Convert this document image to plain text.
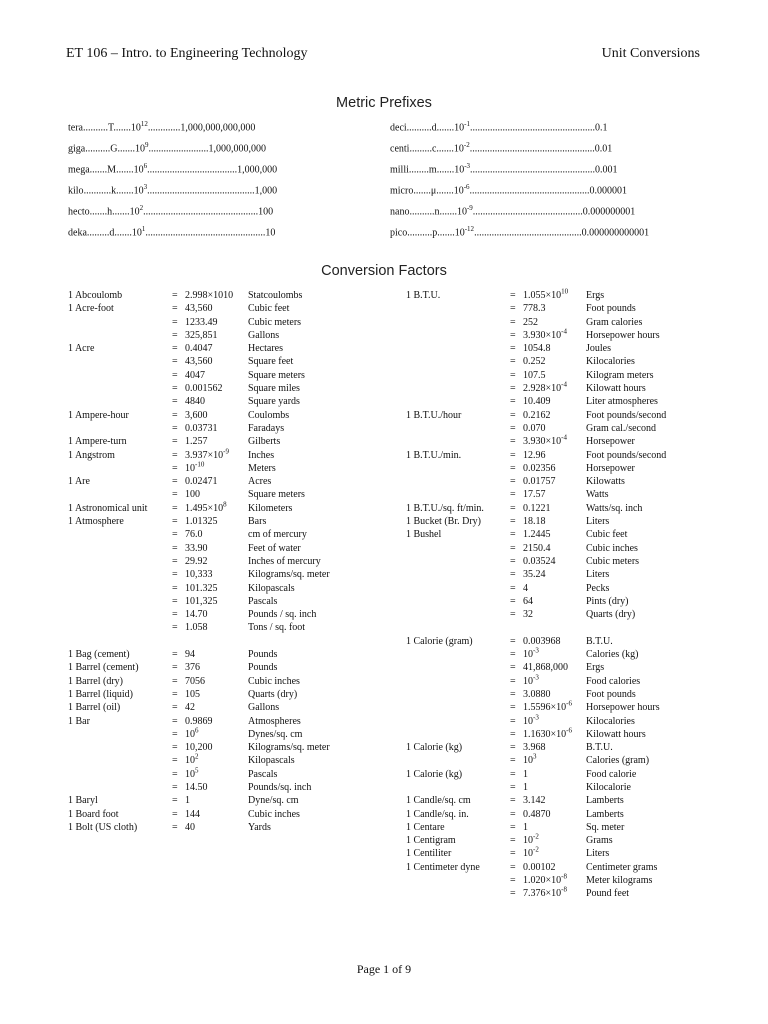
ET 106 – Intro. to Engineering Technology	Unit Conversions
Metric Prefixes
tera..........T.......10$^{12}$.............1,000,000,000,000
giga..........G.......10$^9$........................1,000,000,000
mega.......M.......10$^6$....................................1,000,000
kilo...........k.......10$^3$...........................................1,000
hecto.......h.......10$^2$..............................................100
deka.........d.......10$^1$................................................10
$deci..........d.......10^{-1}..................................................0.1$
$centi.........c.......10^{-2}..................................................0.01$
$milli........m.......10^{-3}..................................................0.001$
$micro.......\mu.......10^{-6}................................................0.000001$
$nano..........n.......10^{-9}............................................0.000000001$
$pico..........p.......10^{-12}...........................................0.000000000001$
Conversion Factors
1 Abcoulomb	= 2.998×1010 Statcoulombs
1 Acre-foot	= 43,560	Cubic feet
= 1233.49	Cubic meters
= 325,851	Gallons
1 Acre	= 0.4047	Hectares
= 43,560	Square feet
= 4047	Square meters
= 0.001562	Square miles
= 4840	Square yards
1 Ampere-hour	= 3,600	Coulombs
= 0.03731	Faradays
1 Ampere-turn	= 1.257	Gilberts
1 Angstrom	= $3.937\times 10^{-9}$ Inches
= $10^{-10}$	Meters
1 Are	= 0.02471	Acres
= 100	Square meters
1 Astronomical unit = $1.495\times 10^8$ Kilometers
1 Atmosphere	= 1.01325	Bars
= 76.0	cm of mercury
= 33.90	Feet of water
= 29.92	Inches of mercury
= 10,333	Kilograms/sq. meter
= 101.325	Kilopascals
= 101,325	Pascals
= 14.70	Pounds / sq. inch
= 1.058	Tons / sq. foot
1 Bag (cement)	= 94	Pounds
1 Barrel (cement)	= 376	Pounds
1 Barrel (dry)	= 7056	Cubic inches
1 Barrel (liquid)	= 105	Quarts (dry)
1 Barrel (oil)	= 42	Gallons
1 Bar	= 0.9869	Atmospheres
= $10^6$	Dynes/sq. cm
= 10,200	Kilograms/sq. meter
= $10^2$	Kilopascals
= $10^5$	Pascals
= 14.50	Pounds/sq. inch
1 Baryl	= 1	Dyne/sq. cm
1 Board foot	= 144	Cubic inches
1 Bolt (US cloth)	= 40	Yards
1 B.T.U.	= $1.055\times 10^{10}$ Ergs
= 778.3	Foot pounds
= 252	Gram calories
= $3.930\times 10^{-4}$ Horsepower hours
= 1054.8	Joules
= 0.252	Kilocalories
= 107.5	Kilogram meters
= $2.928\times 10^{-4}$ Kilowatt hours
= 10.409	Liter atmospheres
1 B.T.U./hour	= 0.2162	Foot pounds/second
= 0.070	Gram cal./second
= $3.930\times 10^{-4}$ Horsepower
1 B.T.U./min.	= 12.96	Foot pounds/second
= 0.02356	Horsepower
= 0.01757	Kilowatts
= 17.57	Watts
1 B.T.U./sq. ft/min.	= 0.1221	Watts/sq. inch
1 Bucket (Br. Dry)	= 18.18	Liters
1 Bushel	= 1.2445	Cubic feet
= 2150.4	Cubic inches
= 0.03524	Cubic meters
= 35.24	Liters
= 4	Pecks
= 64	Pints (dry)
= 32	Quarts (dry)
1 Calorie (gram)	= 0.003968	B.T.U.
= $10^{-3}$	Calories (kg)
= 41,868,000 Ergs
= $10^{-3}$	Food calories
= 3.0880	Foot pounds
= $1.5596\times 10^{-6}$ Horsepower hours
= $10^{-3}$	Kilocalories
= $1.1630\times 10^{-6}$ Kilowatt hours
1 Calorie (kg)	= 3.968	B.T.U.
= $10^3$	Calories (gram)
1 Calorie (kg)	= 1	Food calorie
= 1	Kilocalorie
1 Candle/sq. cm	= 3.142	Lamberts
1 Candle/sq. in.	= 0.4870	Lamberts
1 Centare	= 1	Sq. meter
1 Centigram	= $10^{-2}$	Grams
1 Centiliter	= $10^{-2}$	Liters
1 Centimeter dyne	= 0.00102	Centimeter grams
= $1.020\times 10^{-8}$ Meter kilograms
= $7.376\times 10^{-8}$ Pound feet
Page 1 of 9
